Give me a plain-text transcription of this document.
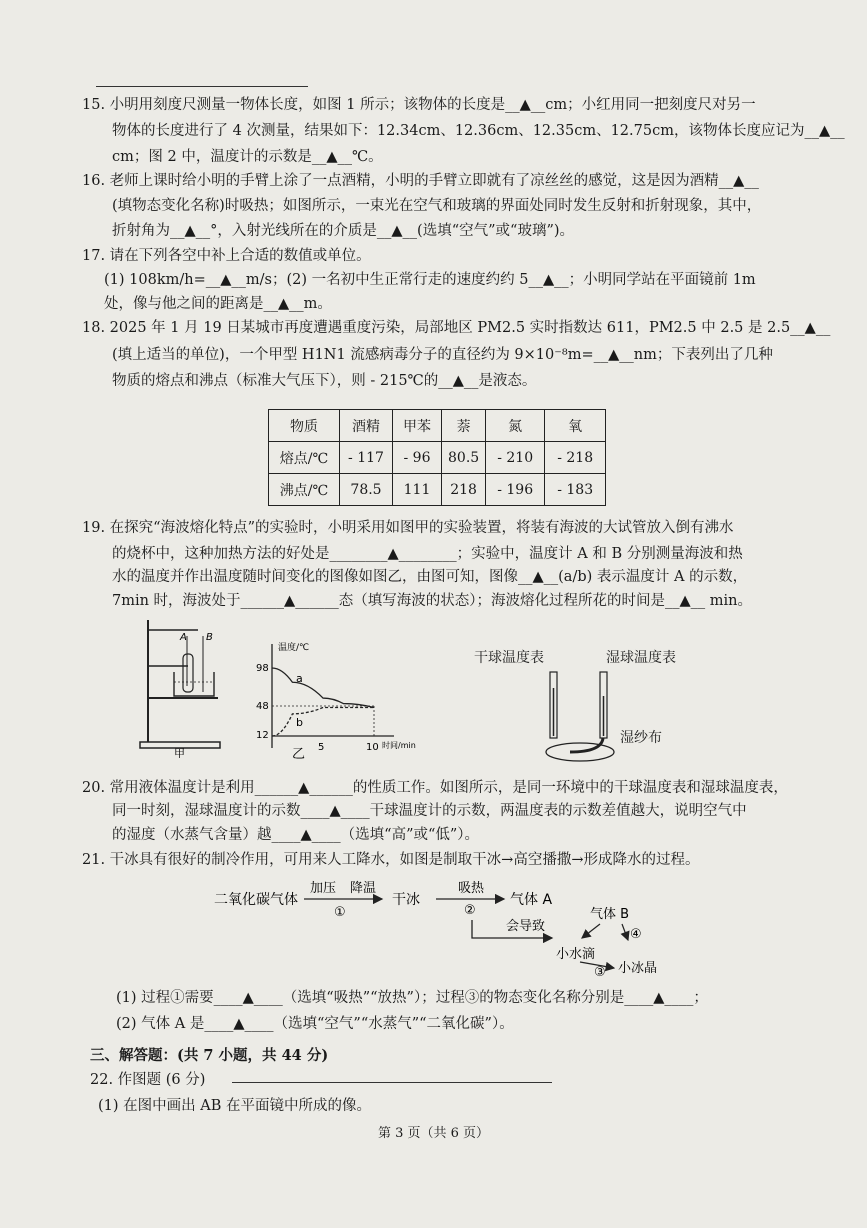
15. 小明用刻度尺测量一物体长度，如图 1 所示；该物体的长度是__▲__cm；小红用同一把刻度尺对另一
物体的长度进行了 4 次测量，结果如下：12.34cm、12.36cm、12.35cm、12.75cm，该物体长度应记为__▲__
cm；图 2 中，温度计的示数是__▲__℃。
16. 老师上课时给小明的手臂上涂了一点酒精，小明的手臂立即就有了凉丝丝的感觉，这是因为酒精__▲__
(填物态变化名称)时吸热；如图所示，一束光在空气和玻璃的界面处同时发生反射和折射现象，其中，
折射角为__▲__°，入射光线所在的介质是__▲__(选填“空气”或“玻璃”)。
17. 请在下列各空中补上合适的数值或单位。
(1) 108km/h=__▲__m/s；(2) 一名初中生正常行走的速度约约 5__▲__；小明同学站在平面镜前 1m
处，像与他之间的距离是__▲__m。
18. 2025 年 1 月 19 日某城市再度遭遇重度污染，局部地区 PM2.5 实时指数达 611，PM2.5 中 2.5 是 2.5__▲__
(填上适当的单位)，一个甲型 H1N1 流感病毒分子的直径约为 9×10⁻⁸m=__▲__nm；下表列出了几种
物质的熔点和沸点（标准大气压下），则 - 215℃的__▲__是液态。
物质	酒精	甲苯	萘	氮	氧
熔点/℃	- 117	- 96	80.5	- 210	- 218
沸点/℃	78.5	111	218	- 196	- 183
19. 在探究“海波熔化特点”的实验时，小明采用如图甲的实验装置，将装有海波的大试管放入倒有沸水
的烧杯中，这种加热方法的好处是________▲________；实验中，温度计 A 和 B 分别测量海波和热
水的温度并作出温度随时间变化的图像如图乙，由图可知，图像__▲__(a/b) 表示温度计 A 的示数，
7min 时，海波处于______▲______态（填写海波的状态）；海波熔化过程所花的时间是__▲__ min。
A B
甲
温度/℃
时间/min
98
48
12
5	10
a
b
乙
干球温度表	湿球温度表
湿纱布
20. 常用液体温度计是利用______▲______的性质工作。如图所示，是同一环境中的干球温度表和湿球温度表，
同一时刻，湿球温度计的示数____▲____干球温度计的示数，两温度表的示数差值越大，说明空气中
的湿度（水蒸气含量）越____▲____（选填“高”或“低”）。
21. 干冰具有很好的制冷作用，可用来人工降水，如图是制取干冰→高空播撒→形成降水的过程。
二氧化碳气体
加压 降温
①
干冰
吸热
气体 A
②
会导致
气体 B
④
小水滴
③ 小冰晶
(1) 过程①需要____▲____（选填“吸热”“放热”）；过程③的物态变化名称分别是____▲____；
(2) 气体 A 是____▲____（选填“空气”“水蒸气”“二氧化碳”）。
三、解答题：(共 7 小题，共 44 分)
22. 作图题 (6 分)
(1) 在图中画出 AB 在平面镜中所成的像。
第 3 页（共 6 页）
